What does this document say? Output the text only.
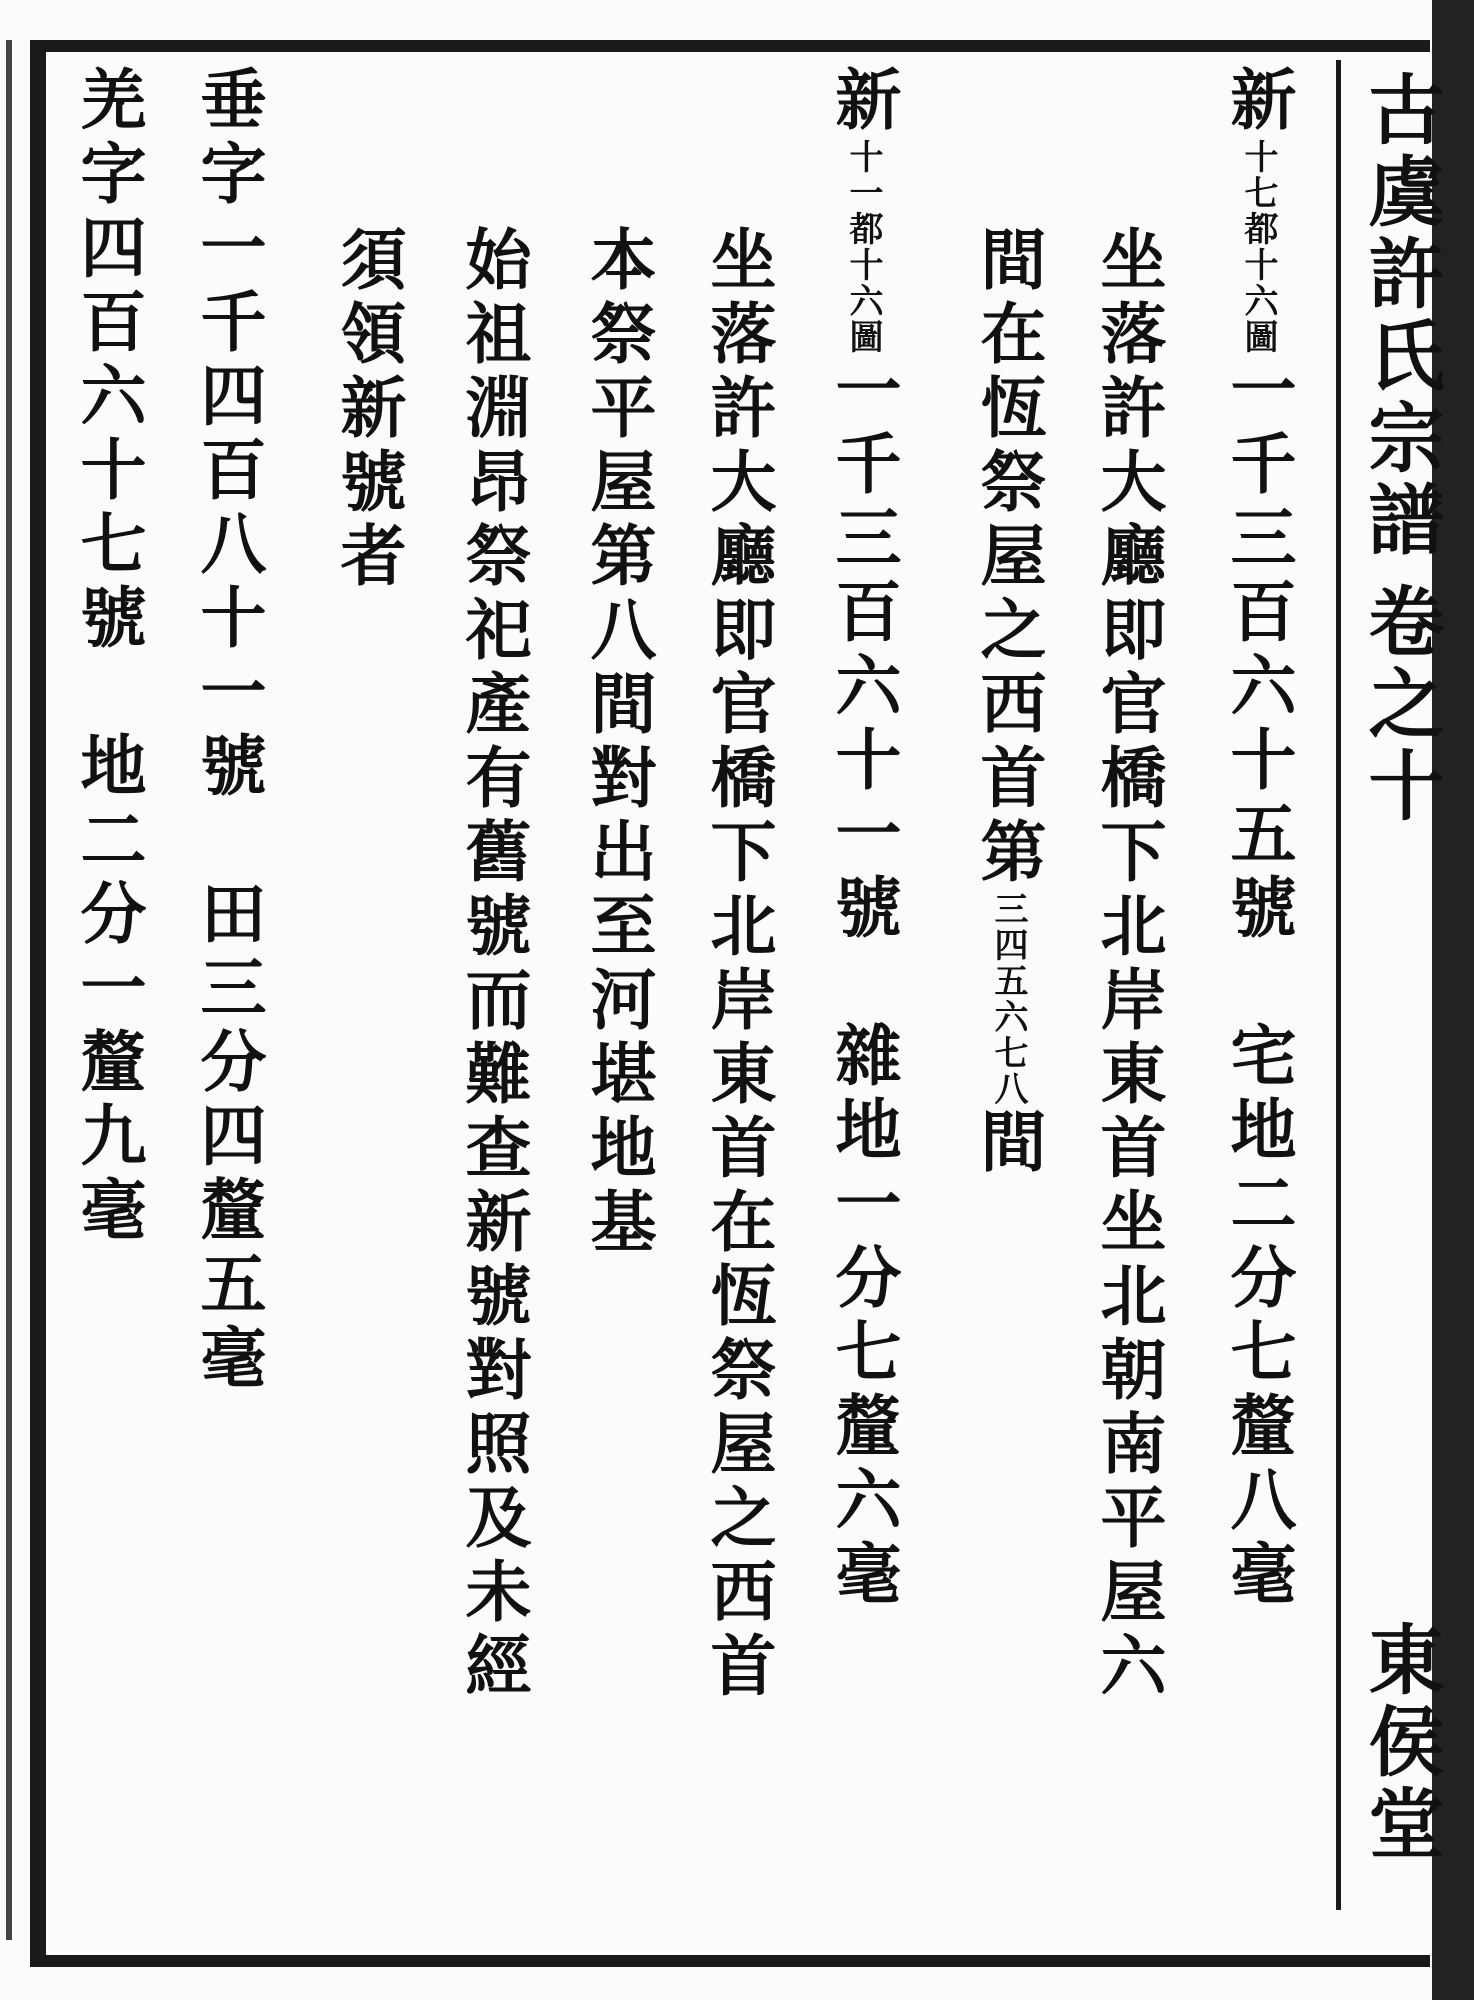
古虞許氏宗譜卷之十
東侯堂
新十七都十六圖一千三百六十五號　宅地二分七釐八毫
坐落許大廳即官橋下北岸東首坐北朝南平屋六
間在恆祭屋之西首第三四五六七八間
新十一都十六圖一千三百六十一號　雜地一分七釐六毫
坐落許大廳即官橋下北岸東首在恆祭屋之西首
本祭平屋第八間對出至河堪地基
始祖淵昂祭祀產有舊號而難查新號對照及未經
須領新號者
垂字一千四百八十一號　田三分四釐五毫
羌字四百六十七號　地二分一釐九毫
